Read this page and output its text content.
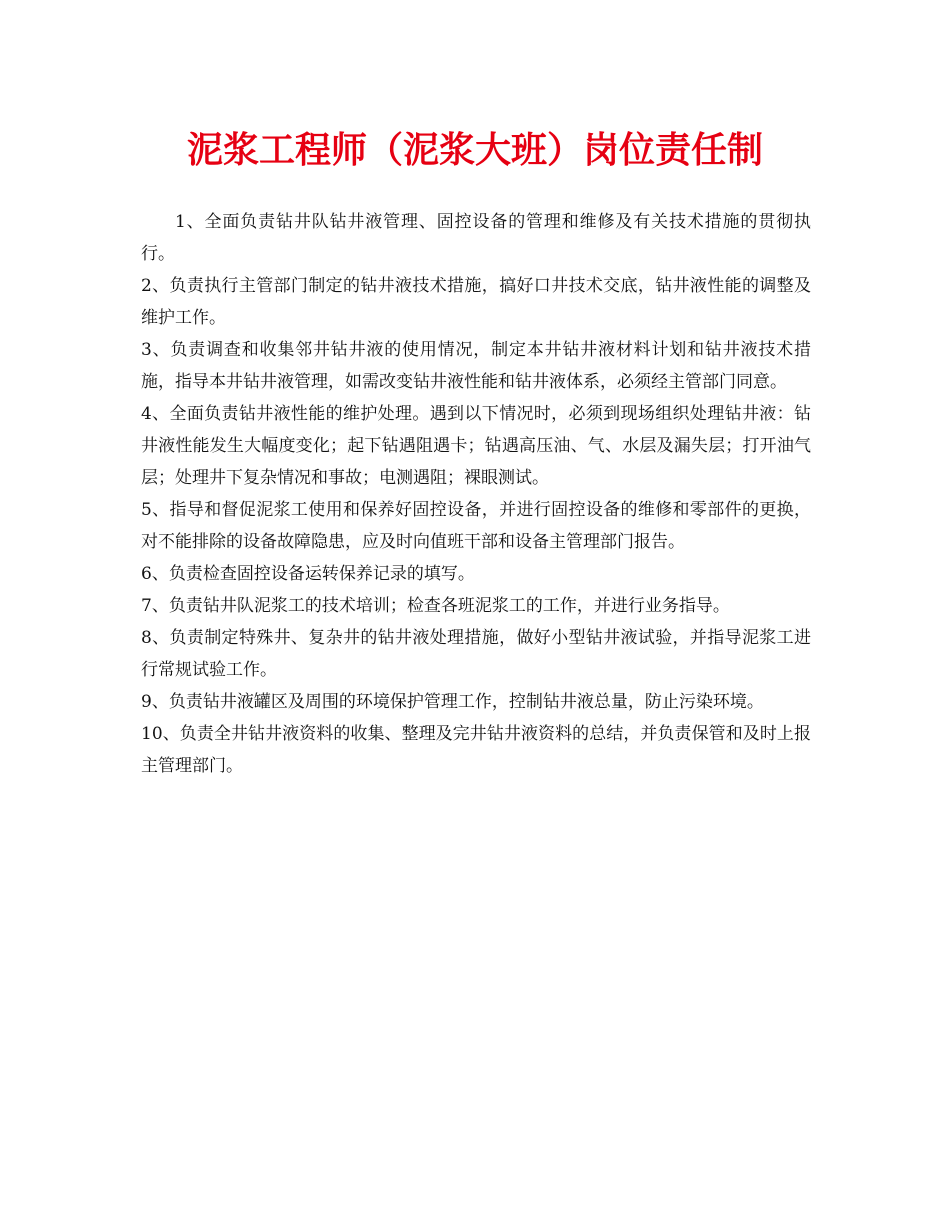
泥浆工程师（泥浆大班）岗位责任制

1、全面负责钻井队钻井液管理、固控设备的管理和维修及有关技术措施的贯彻执行。

2、负责执行主管部门制定的钻井液技术措施，搞好口井技术交底，钻井液性能的调整及维护工作。

3、负责调查和收集邻井钻井液的使用情况，制定本井钻井液材料计划和钻井液技术措施，指导本井钻井液管理，如需改变钻井液性能和钻井液体系，必须经主管部门同意。

4、全面负责钻井液性能的维护处理。遇到以下情况时，必须到现场组织处理钻井液：钻井液性能发生大幅度变化；起下钻遇阻遇卡；钻遇高压油、气、水层及漏失层；打开油气层；处理井下复杂情况和事故；电测遇阻；裸眼测试。

5、指导和督促泥浆工使用和保养好固控设备，并进行固控设备的维修和零部件的更换，对不能排除的设备故障隐患，应及时向值班干部和设备主管理部门报告。

6、负责检查固控设备运转保养记录的填写。

7、负责钻井队泥浆工的技术培训；检查各班泥浆工的工作，并进行业务指导。

8、负责制定特殊井、复杂井的钻井液处理措施，做好小型钻井液试验，并指导泥浆工进行常规试验工作。

9、负责钻井液罐区及周围的环境保护管理工作，控制钻井液总量，防止污染环境。

10、负责全井钻井液资料的收集、整理及完井钻井液资料的总结，并负责保管和及时上报主管理部门。
